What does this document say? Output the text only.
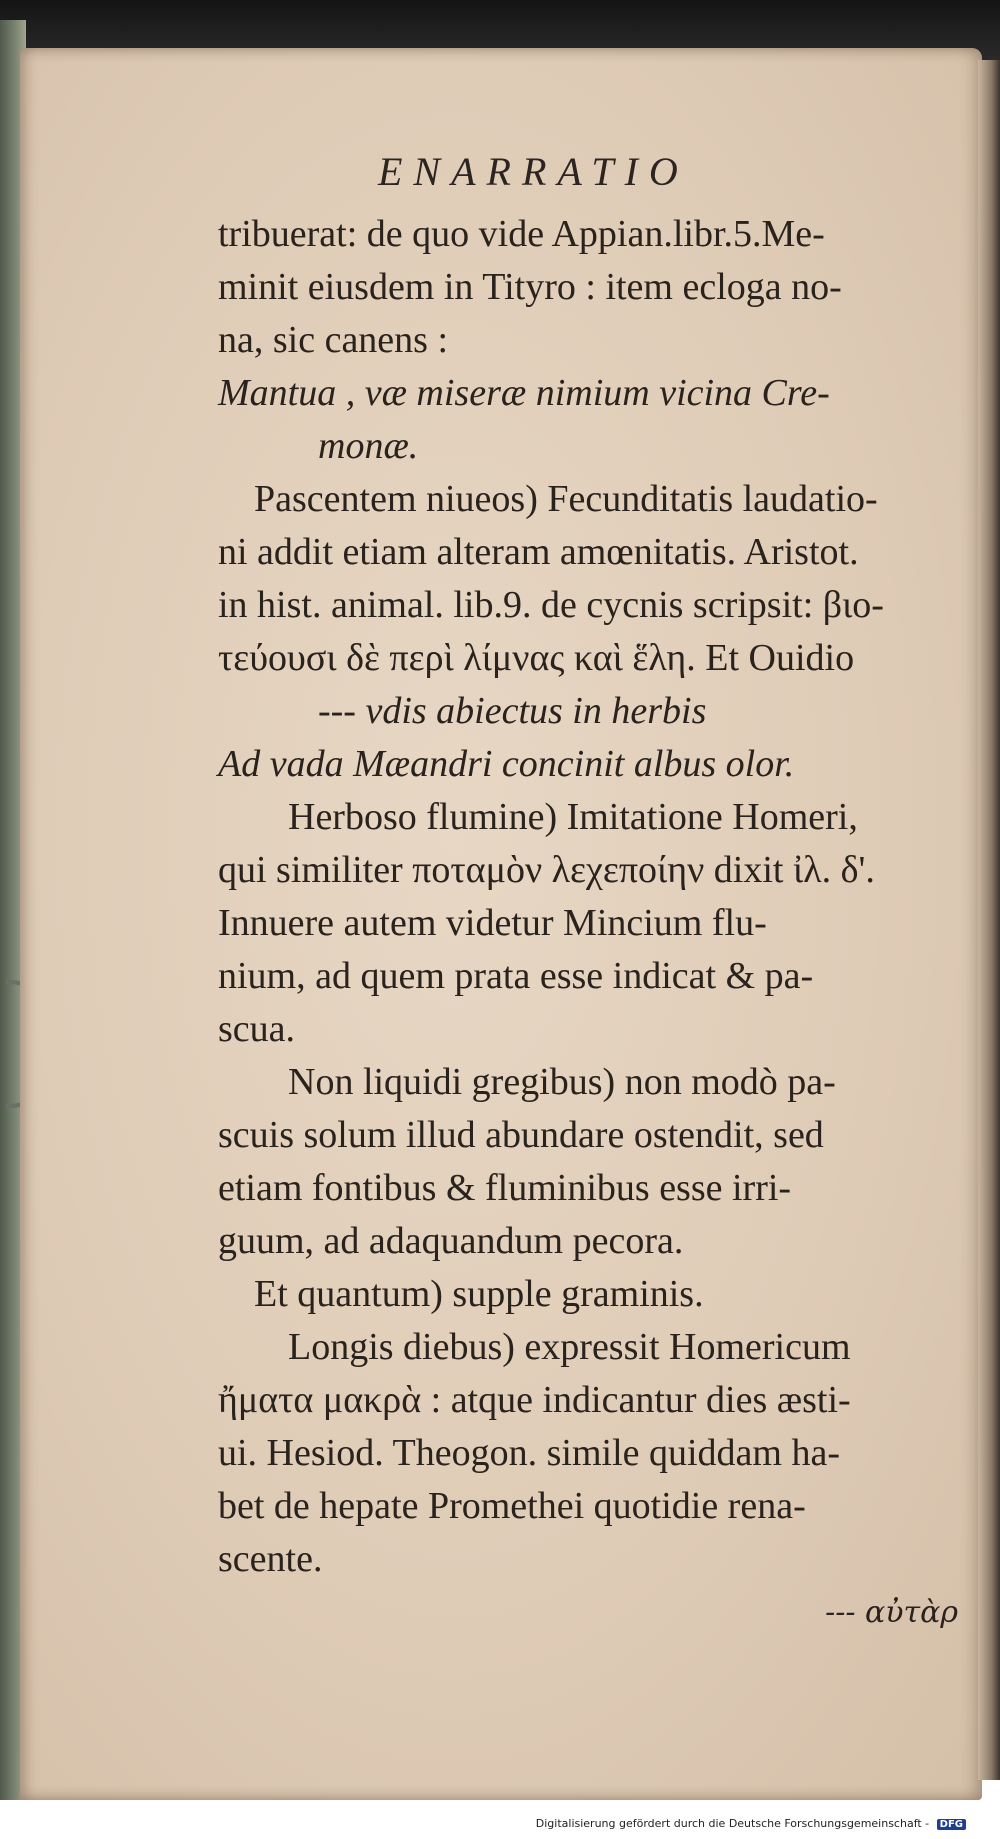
ENARRATIO
tribuerat: de quo vide Appian.libr.5.Me-
minit eiusdem in Tityro : item ecloga no-
na, sic canens :
Mantua , væ miseræ nimium vicina Cre-
monæ.
Pascentem niueos) Fecunditatis laudatio-
ni addit etiam alteram amœnitatis. Aristot.
in hist. animal. lib.9. de cycnis scripsit: βιο-
τεύουσι δὲ περὶ λίμνας καὶ ἕλη. Et Ouidio
--- vdis abiectus in herbis
Ad vada Mæandri concinit albus olor.
Herboso flumine) Imitatione Homeri,
qui similiter ποταμὸν λεχεποίην dixit ἰλ. δ'.
Innuere autem videtur Mincium flu-
nium, ad quem prata esse indicat & pa-
scua.
Non liquidi gregibus) non modò pa-
scuis solum illud abundare ostendit, sed
etiam fontibus & fluminibus esse irri-
guum, ad adaquandum pecora.
Et quantum) supple graminis.
Longis diebus) expressit Homericum
ἤματα μακρὰ : atque indicantur dies æsti-
ui. Hesiod. Theogon. simile quiddam ha-
bet de hepate Promethei quotidie rena-
scente.
--- αὐτὰρ
Digitalisierung gefördert durch die Deutsche Forschungsgemeinschaft - DFG
